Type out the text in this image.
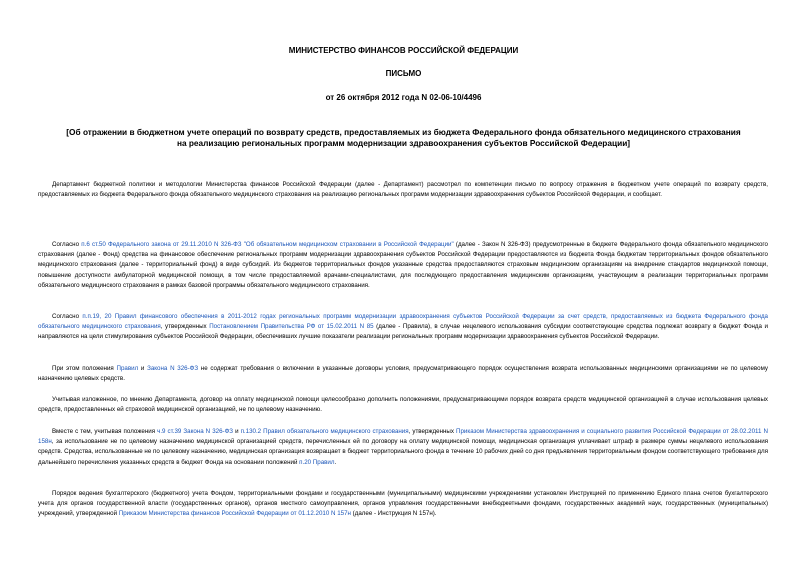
МИНИСТЕРСТВО ФИНАНСОВ РОССИЙСКОЙ ФЕДЕРАЦИИ
ПИСЬМО
от 26 октября 2012 года N 02-06-10/4496
[Об отражении в бюджетном учете операций по возврату средств, предоставляемых из бюджета Федерального фонда обязательного медицинского страхования
на реализацию региональных программ модернизации здравоохранения субъектов Российской Федерации]

Департамент бюджетной политики и методологии Министерства финансов Российской Федерации (далее - Департамент) рассмотрел по компетенции письмо по вопросу отражения в бюджетном учете операций по возврату средств, предоставляемых из бюджета Федерального фонда обязательного медицинского страхования на реализацию региональных программ модернизации здравоохранения субъектов Российской Федерации, и сообщает.

Согласно п.6 ст.50 Федерального закона от 29.11.2010 N 326-ФЗ "Об обязательном медицинском страховании в Российской Федерации" (далее - Закон N 326-ФЗ) предусмотренные в бюджете Федерального фонда обязательного медицинского страхования (далее - Фонд) средства на финансовое обеспечение региональных программ модернизации здравоохранения субъектов Российской Федерации предоставляются из бюджета Фонда бюджетам территориальных фондов обязательного медицинского страхования (далее - территориальный фонд) в виде субсидий. Из бюджетов территориальных фондов указанные средства предоставляются страховым медицинским организациям на внедрение стандартов медицинской помощи, повышение доступности амбулаторной медицинской помощи, в том числе предоставляемой врачами-специалистами, для последующего предоставления медицинским организациям, участвующим в реализации территориальных программ обязательного медицинского страхования в рамках базовой программы обязательного медицинского страхования.

Согласно п.п.19, 20 Правил финансового обеспечения в 2011-2012 годах региональных программ модернизации здравоохранения субъектов Российской Федерации за счет средств, предоставляемых из бюджета Федерального фонда обязательного медицинского страхования, утвержденных Постановлением Правительства РФ от 15.02.2011 N 85 (далее - Правила), в случае нецелевого использования субсидии соответствующие средства подлежат возврату в бюджет Фонда и направляются на цели стимулирования субъектов Российской Федерации, обеспечивших лучшие показатели реализации региональных программ модернизации здравоохранения субъектов Российской Федерации.

При этом положения Правил и Закона N 326-ФЗ не содержат требования о включении в указанные договоры условия, предусматривающего порядок осуществления возврата использованных медицинскими организациями не по целевому назначению целевых средств.

Учитывая изложенное, по мнению Департамента, договор на оплату медицинской помощи целесообразно дополнить положениями, предусматривающими порядок возврата средств медицинской организацией в случае использования целевых средств, предоставленных ей страховой медицинской организацией, не по целевому назначению.

Вместе с тем, учитывая положения ч.9 ст.39 Закона N 326-ФЗ и п.130.2 Правил обязательного медицинского страхования, утвержденных Приказом Министерства здравоохранения и социального развития Российской Федерации от 28.02.2011 N 158н, за использование не по целевому назначению медицинской организацией средств, перечисленных ей по договору на оплату медицинской помощи, медицинская организация уплачивает штраф в размере суммы нецелевого использования средств. Средства, использованные не по целевому назначению, медицинская организация возвращает в бюджет территориального фонда в течение 10 рабочих дней со дня предъявления территориальным фондом соответствующего требования для дальнейшего перечисления указанных средств в бюджет Фонда на основании положений п.20 Правил.

Порядок ведения бухгалтерского (бюджетного) учета Фондом, территориальными фондами и государственными (муниципальными) медицинскими учреждениями установлен Инструкцией по применению Единого плана счетов бухгалтерского учета для органов государственной власти (государственных органов), органов местного самоуправления, органов управления государственными внебюджетными фондами, государственных академий наук, государственных (муниципальных) учреждений, утвержденной Приказом Министерства финансов Российской Федерации от 01.12.2010 N 157н (далее - Инструкция N 157н).
